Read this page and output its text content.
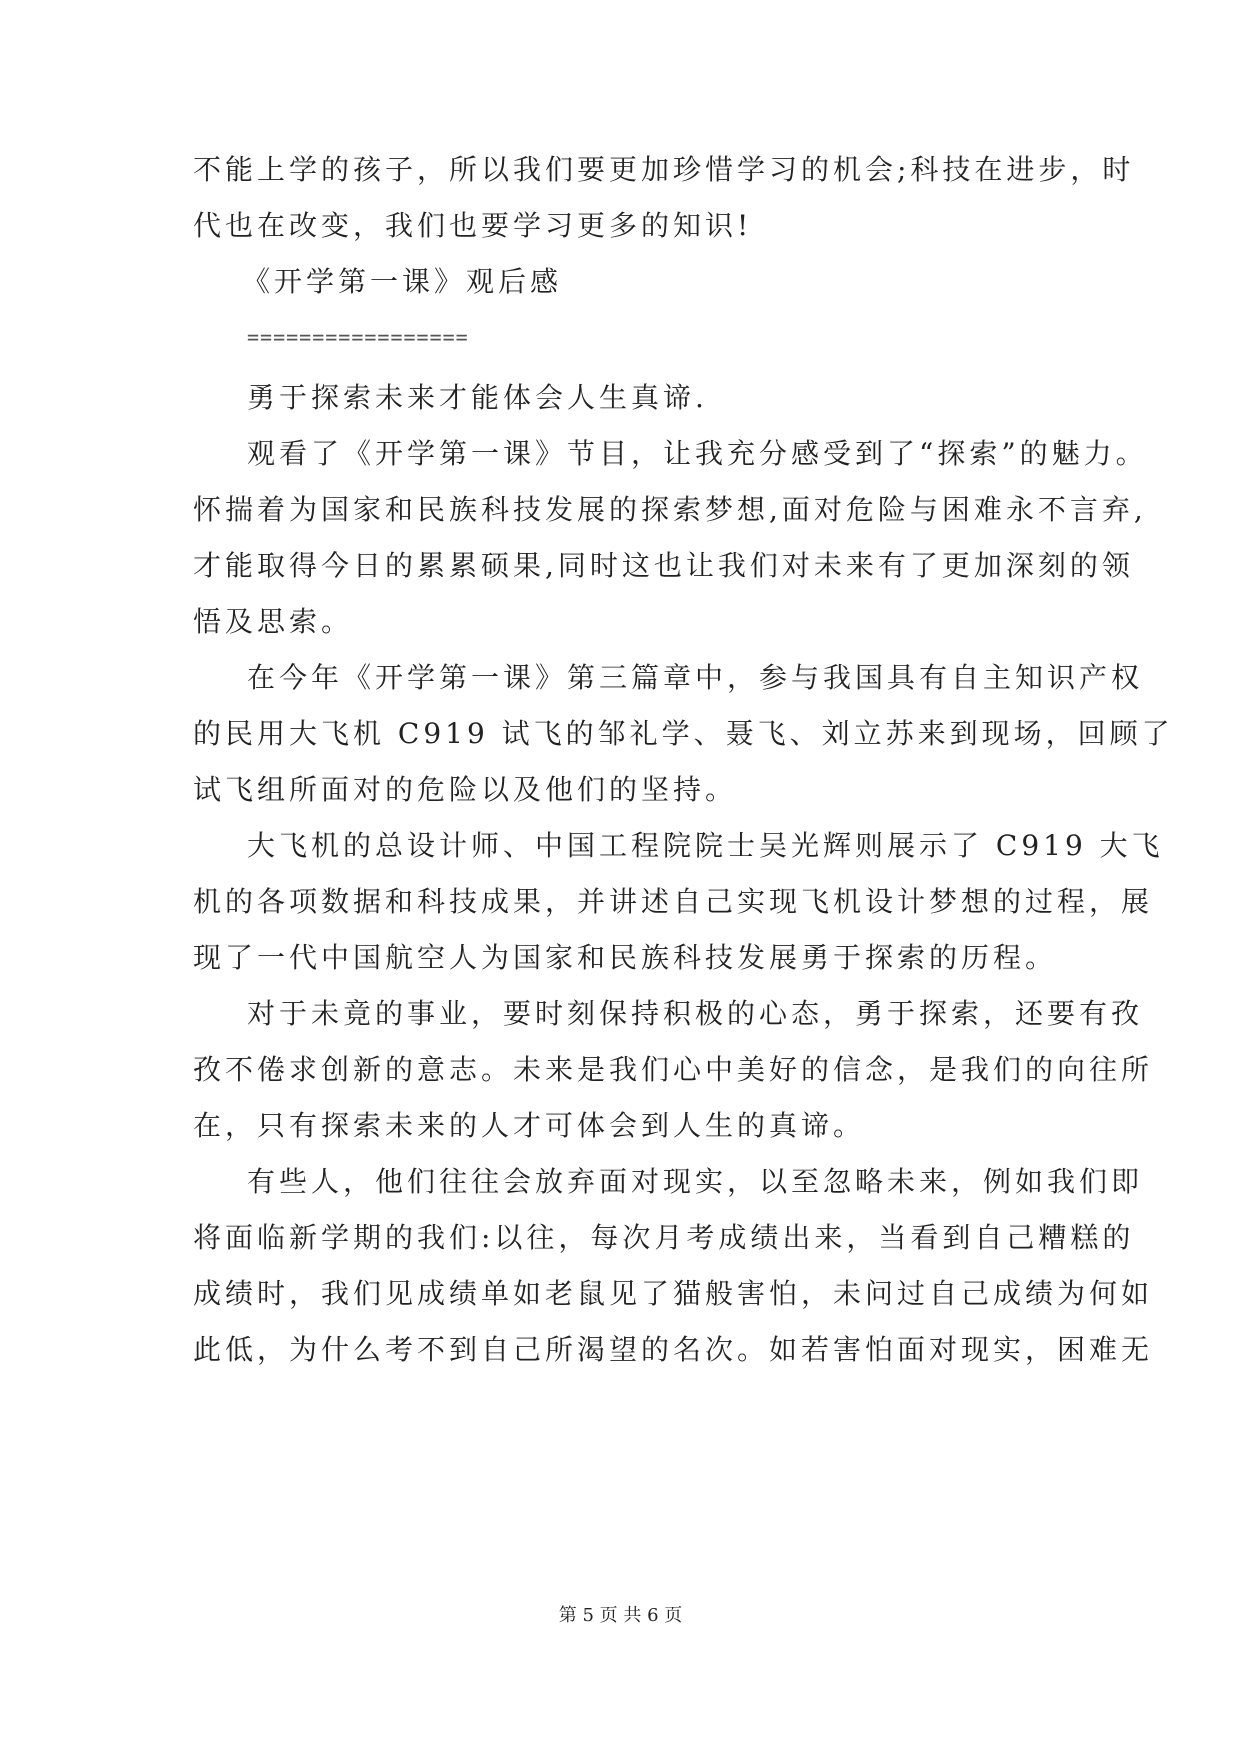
不能上学的孩子，所以我们要更加珍惜学习的机会;科技在进步，时
代也在改变，我们也要学习更多的知识!
《开学第一课》观后感
=================
勇于探索未来才能体会人生真谛.
观看了《开学第一课》节目，让我充分感受到了“探索”的魅力。
怀揣着为国家和民族科技发展的探索梦想,面对危险与困难永不言弃,
才能取得今日的累累硕果,同时这也让我们对未来有了更加深刻的领
悟及思索。
在今年《开学第一课》第三篇章中，参与我国具有自主知识产权
的民用大飞机 C919 试飞的邹礼学、聂飞、刘立苏来到现场，回顾了
试飞组所面对的危险以及他们的坚持。
大飞机的总设计师、中国工程院院士吴光辉则展示了 C919 大飞
机的各项数据和科技成果，并讲述自己实现飞机设计梦想的过程，展
现了一代中国航空人为国家和民族科技发展勇于探索的历程。
对于未竟的事业，要时刻保持积极的心态，勇于探索，还要有孜
孜不倦求创新的意志。未来是我们心中美好的信念，是我们的向往所
在，只有探索未来的人才可体会到人生的真谛。
有些人，他们往往会放弃面对现实，以至忽略未来，例如我们即
将面临新学期的我们:以往，每次月考成绩出来，当看到自己糟糕的
成绩时，我们见成绩单如老鼠见了猫般害怕，未问过自己成绩为何如
此低，为什么考不到自己所渴望的名次。如若害怕面对现实，困难无
第 5 页 共 6 页
